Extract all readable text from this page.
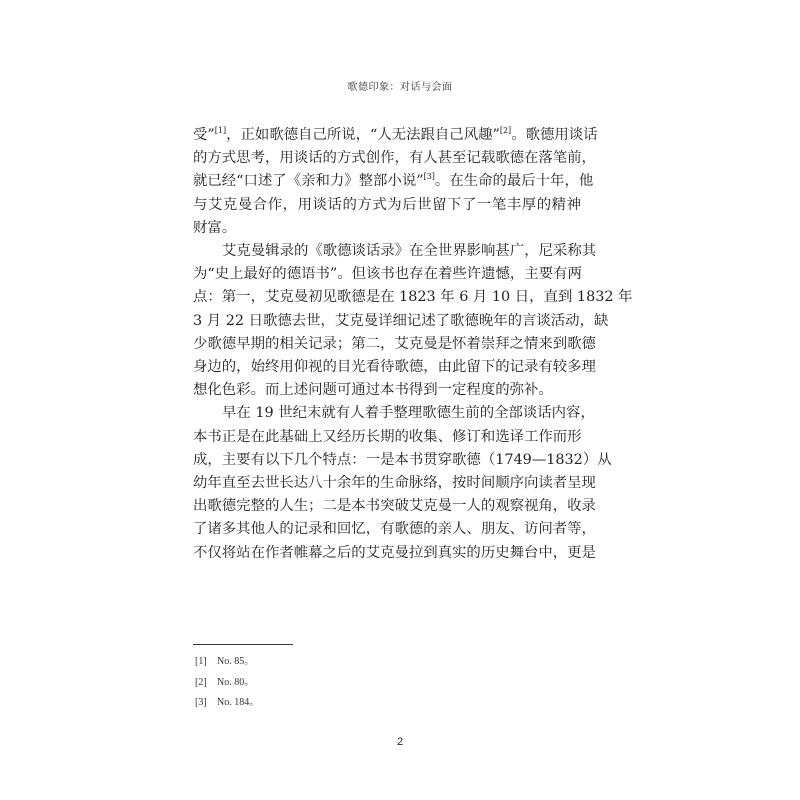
歌德印象：对话与会面
受”[1]，正如歌德自己所说，“人无法跟自己风趣”[2]。歌德用谈话
的方式思考，用谈话的方式创作，有人甚至记载歌德在落笔前，
就已经“口述了《亲和力》整部小说”[3]。在生命的最后十年，他
与艾克曼合作，用谈话的方式为后世留下了一笔丰厚的精神
财富。
艾克曼辑录的《歌德谈话录》在全世界影响甚广，尼采称其
为“史上最好的德语书”。但该书也存在着些许遗憾，主要有两
点：第一，艾克曼初见歌德是在 1823 年 6 月 10 日，直到 1832 年
3 月 22 日歌德去世，艾克曼详细记述了歌德晚年的言谈活动，缺
少歌德早期的相关记录；第二，艾克曼是怀着崇拜之情来到歌德
身边的，始终用仰视的目光看待歌德，由此留下的记录有较多理
想化色彩。而上述问题可通过本书得到一定程度的弥补。
早在 19 世纪末就有人着手整理歌德生前的全部谈话内容，
本书正是在此基础上又经历长期的收集、修订和选译工作而形
成，主要有以下几个特点：一是本书贯穿歌德（1749—1832）从
幼年直至去世长达八十余年的生命脉络，按时间顺序向读者呈现
出歌德完整的人生；二是本书突破艾克曼一人的观察视角，收录
了诸多其他人的记录和回忆，有歌德的亲人、朋友、访问者等，
不仅将站在作者帷幕之后的艾克曼拉到真实的历史舞台中，更是
[1] No. 85。
[2] No. 80。
[3] No. 184。
2
